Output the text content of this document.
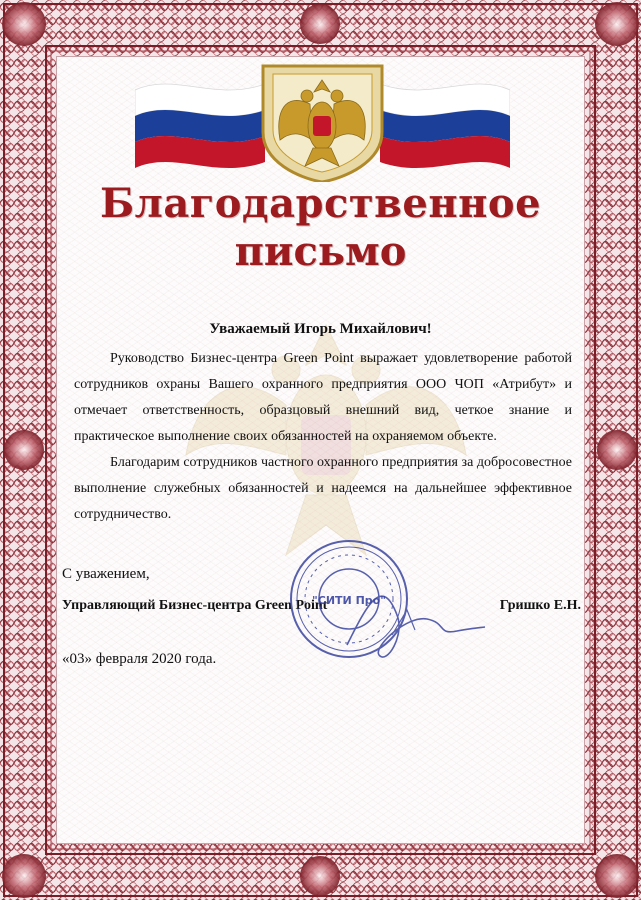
Благодарственное
письмо
Уважаемый Игорь Михайлович!

Руководство Бизнес-центра Green Point выражает удовлетворение работой сотрудников охраны Вашего охранного предприятия ООО ЧОП «Атрибут» и отмечает ответственность, образцовый внешний вид, четкое знание и практическое выполнение своих обязанностей на охраняемом объекте.

Благодарим сотрудников частного охранного предприятия за добросовестное выполнение служебных обязанностей и надеемся на дальнейшее эффективное сотрудничество.

С уважением,
Управляющий Бизнес-центра Green Point	Гришко Е.Н.
«03» февраля 2020 года.
"СИТИ Про"
